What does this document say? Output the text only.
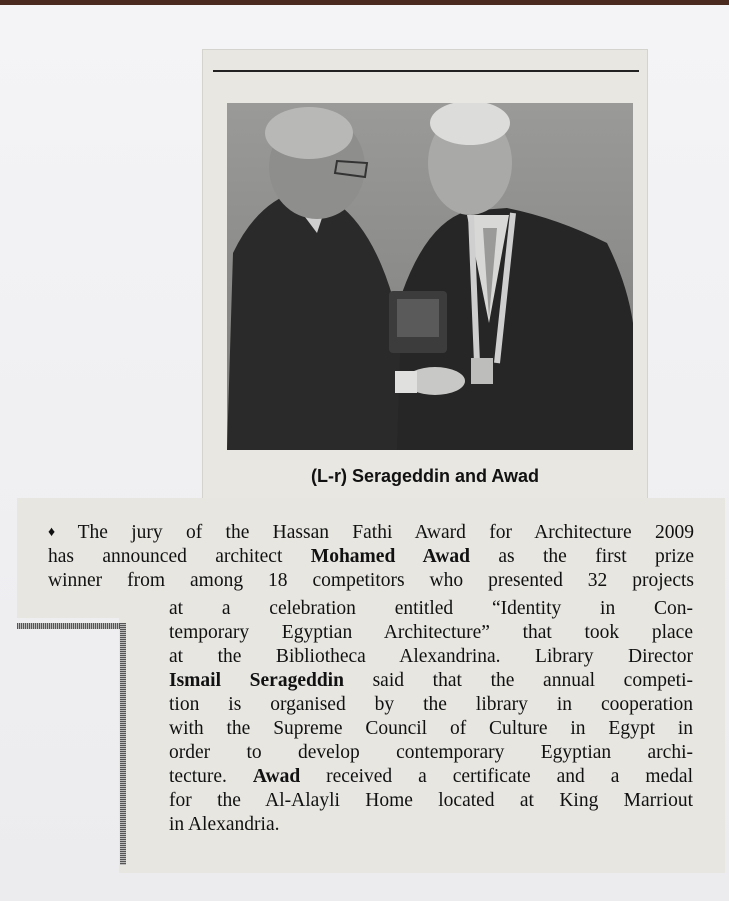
(L-r) Serageddin and Awad
♦ The jury of the Hassan Fathi Award for Architecture 2009
has announced architect Mohamed Awad as the first prize
winner from among 18 competitors who presented 32 projects
at a celebration entitled “Identity in Con-
temporary Egyptian Architecture” that took place
at the Bibliotheca Alexandrina. Library Director
Ismail Serageddin said that the annual competi-
tion is organised by the library in cooperation
with the Supreme Council of Culture in Egypt in
order to develop contemporary Egyptian archi-
tecture. Awad received a certificate and a medal
for the Al-Alayli Home located at King Marriout
in Alexandria.
